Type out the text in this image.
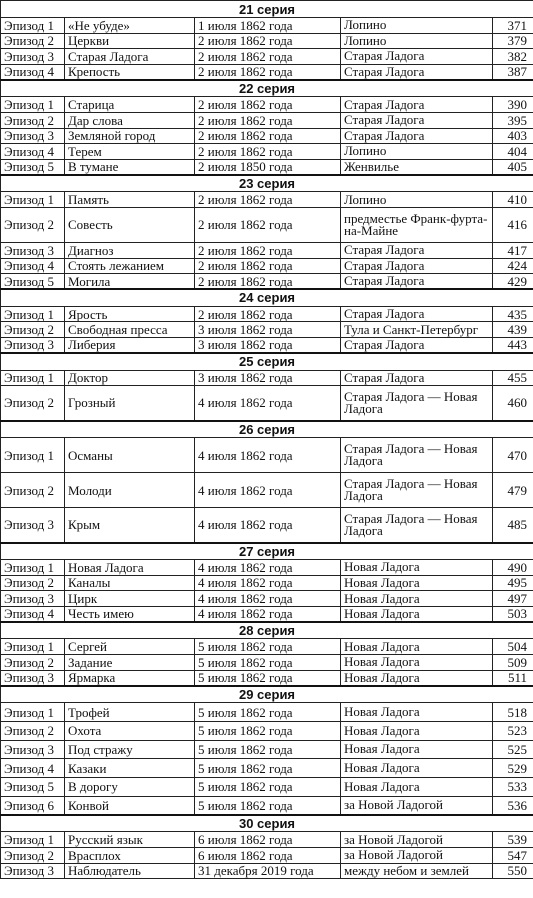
21 серия				
Эпизод 1	«Не убуде»	1 июля 1862 года	Лопино	371
Эпизод 2	Церкви	2 июля 1862 года	Лопино	379
Эпизод 3	Старая Ладога	2 июля 1862 года	Старая Ладога	382
Эпизод 4	Крепость	2 июля 1862 года	Старая Ладога	387
22 серия				
Эпизод 1	Старица	2 июля 1862 года	Старая Ладога	390
Эпизод 2	Дар слова	2 июля 1862 года	Старая Ладога	395
Эпизод 3	Земляной город	2 июля 1862 года	Старая Ладога	403
Эпизод 4	Терем	2 июля 1862 года	Лопино	404
Эпизод 5	В тумане	2 июля 1850 года	Женвилье	405
23 серия				
Эпизод 1	Память	2 июля 1862 года	Лопино	410
Эпизод 2	Совесть	2 июля 1862 года	предместье Франк-фурта-на-Майне	416
Эпизод 3	Диагноз	2 июля 1862 года	Старая Ладога	417
Эпизод 4	Стоять лежанием	2 июля 1862 года	Старая Ладога	424
Эпизод 5	Могила	2 июля 1862 года	Старая Ладога	429
24 серия				
Эпизод 1	Ярость	2 июля 1862 года	Старая Ладога	435
Эпизод 2	Свободная пресса	3 июля 1862 года	Тула и Санкт-Петербург	439
Эпизод 3	Либерия	3 июля 1862 года	Старая Ладога	443
25 серия				
Эпизод 1	Доктор	3 июля 1862 года	Старая Ладога	455
Эпизод 2	Грозный	4 июля 1862 года	Старая Ладога — Новая Ладога	460
26 серия				
Эпизод 1	Османы	4 июля 1862 года	Старая Ладога — Новая Ладога	470
Эпизод 2	Молоди	4 июля 1862 года	Старая Ладога — Новая Ладога	479
Эпизод 3	Крым	4 июля 1862 года	Старая Ладога — Новая Ладога	485
27 серия				
Эпизод 1	Новая Ладога	4 июля 1862 года	Новая Ладога	490
Эпизод 2	Каналы	4 июля 1862 года	Новая Ладога	495
Эпизод 3	Цирк	4 июля 1862 года	Новая Ладога	497
Эпизод 4	Честь имею	4 июля 1862 года	Новая Ладога	503
28 серия				
Эпизод 1	Сергей	5 июля 1862 года	Новая Ладога	504
Эпизод 2	Задание	5 июля 1862 года	Новая Ладога	509
Эпизод 3	Ярмарка	5 июля 1862 года	Новая Ладога	511
29 серия				
Эпизод 1	Трофей	5 июля 1862 года	Новая Ладога	518
Эпизод 2	Охота	5 июля 1862 года	Новая Ладога	523
Эпизод 3	Под стражу	5 июля 1862 года	Новая Ладога	525
Эпизод 4	Казаки	5 июля 1862 года	Новая Ладога	529
Эпизод 5	В дорогу	5 июля 1862 года	Новая Ладога	533
Эпизод 6	Конвой	5 июля 1862 года	за Новой Ладогой	536
30 серия				
Эпизод 1	Русский язык	6 июля 1862 года	за Новой Ладогой	539
Эпизод 2	Врасплох	6 июля 1862 года	за Новой Ладогой	547
Эпизод 3	Наблюдатель	31 декабря 2019 года	между небом и землей	550
